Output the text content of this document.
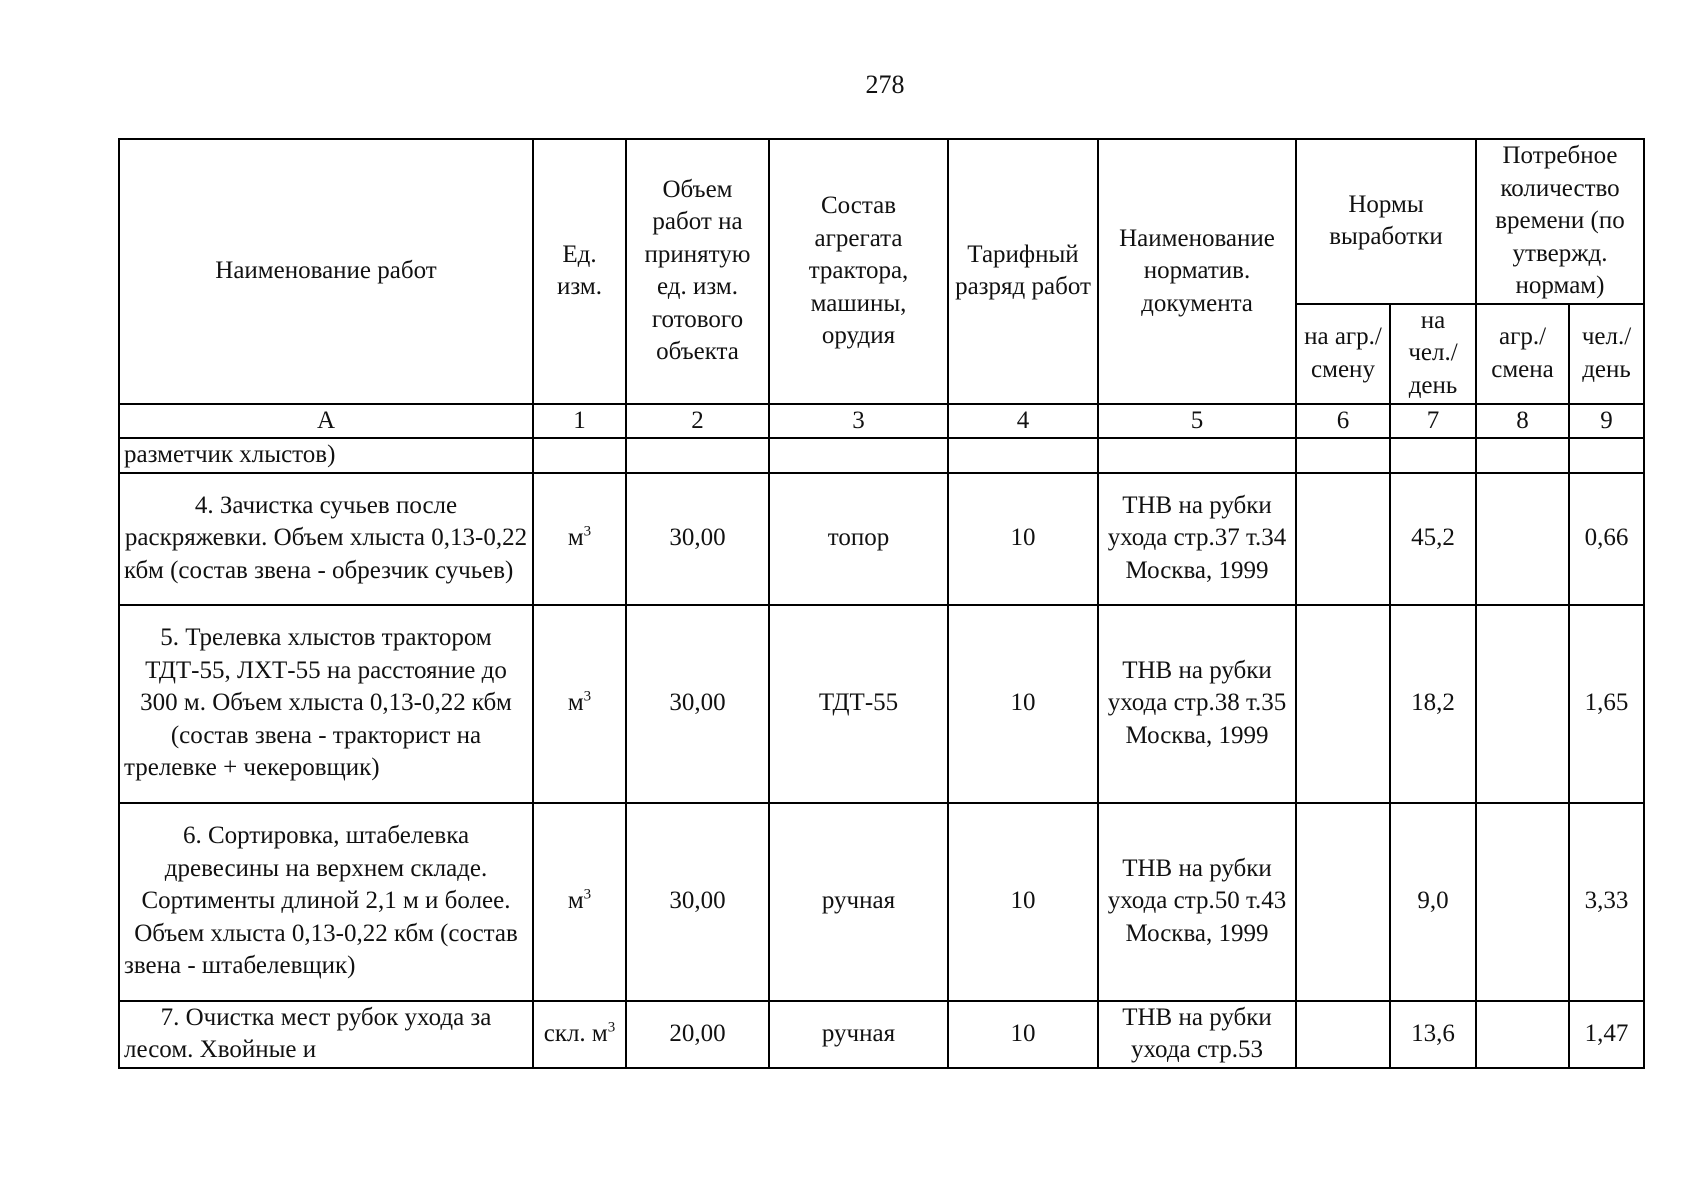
278
Наименование работ	Ед. изм.	Объем работ на принятую ед. изм. готового объекта	Состав агрегата трактора, машины, орудия	Тарифный разряд работ	Наименование норматив. документа	Нормы выработки		Потребное количество времени (по утвержд. нормам)	
						на агр./ смену	на чел./ день	агр./ смена	чел./ день
А	1	2	3	4	5	6	7	8	9
разметчик хлыстов)									
4. Зачистка сучьев после раскряжевки. Объем хлыста 0,13-0,22 кбм (состав звена - обрезчик сучьев)	$м^3$	30,00	топор	10	ТНВ на рубки ухода стр.37 т.34 Москва, 1999		45,2		0,66
5. Трелевка хлыстов трактором ТДТ-55, ЛХТ-55 на расстояние до 300 м. Объем хлыста 0,13-0,22 кбм (состав звена - тракторист на трелевке + чекеровщик)	$м^3$	30,00	ТДТ-55	10	ТНВ на рубки ухода стр.38 т.35 Москва, 1999		18,2		1,65
6. Сортировка, штабелевка древесины на верхнем складе. Сортименты длиной 2,1 м и более. Объем хлыста 0,13-0,22 кбм (состав звена - штабелевщик)	$м^3$	30,00	ручная	10	ТНВ на рубки ухода стр.50 т.43 Москва, 1999		9,0		3,33
7. Очистка мест рубок ухода за лесом. Хвойные и	скл. $м^3$	20,00	ручная	10	ТНВ на рубки ухода стр.53		13,6		1,47
